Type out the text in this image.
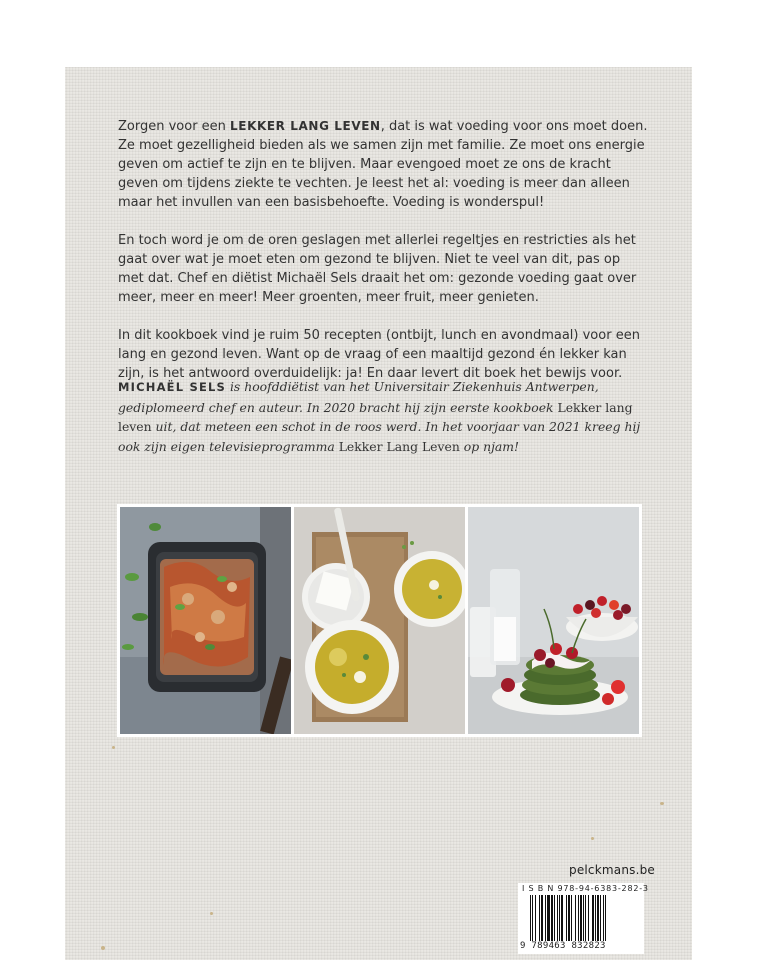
Zorgen voor een LEKKER LANG LEVEN, dat is wat voeding voor ons moet doen. Ze moet gezelligheid bieden als we samen zijn met familie. Ze moet ons energie geven om actief te zijn en te blijven. Maar evengoed moet ze ons de kracht geven om tijdens ziekte te vechten. Je leest het al: voeding is meer dan alleen maar het invullen van een basisbehoefte. Voeding is wonderspul!

En toch word je om de oren geslagen met allerlei regeltjes en restricties als het gaat over wat je moet eten om gezond te blijven. Niet te veel van dit, pas op met dat. Chef en diëtist Michaël Sels draait het om: gezonde voeding gaat over meer, meer en meer! Meer groenten, meer fruit, meer genieten.

In dit kookboek vind je ruim 50 recepten (ontbijt, lunch en avondmaal) voor een lang en gezond leven. Want op de vraag of een maaltijd gezond én lekker kan zijn, is het antwoord overduidelijk: ja! En daar levert dit boek het bewijs voor.

MICHAËL SELS is hoofddiëtist van het Universitair Ziekenhuis Antwerpen, gediplomeerd chef en auteur. In 2020 bracht hij zijn eerste kookboek Lekker lang leven uit, dat meteen een schot in de roos werd. In het voorjaar van 2021 kreeg hij ook zijn eigen televisieprogramma Lekker Lang Leven op njam!
pelckmans.be
I S B N 978-94-6383-282-3
9 789463 832823
